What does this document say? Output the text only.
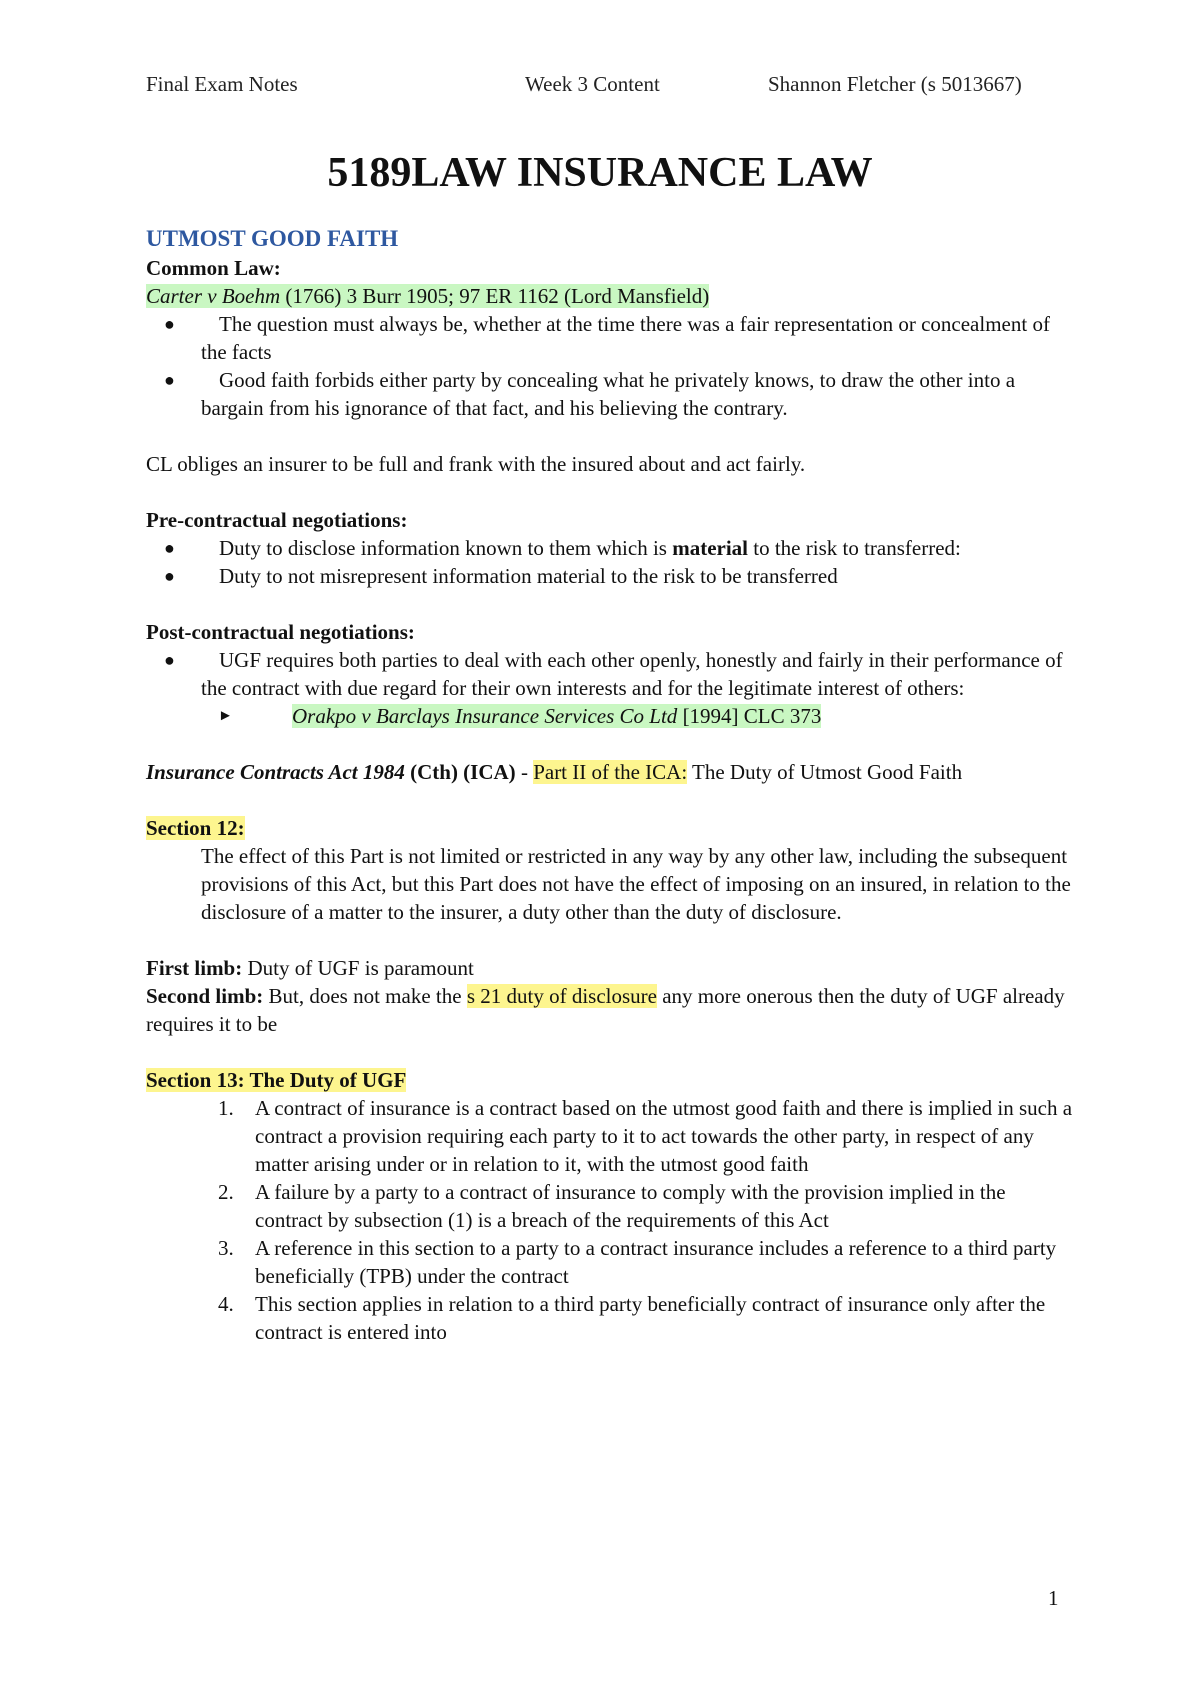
Final Exam Notes	Week 3 Content	Shannon Fletcher (s 5013667)
5189LAW INSURANCE LAW
UTMOST GOOD FAITH

Common Law:

Carter v Boehm (1766) 3 Burr 1905; 97 ER 1162 (Lord Mansfield)

● The question must always be, whether at the time there was a fair representation or concealment of the facts
● Good faith forbids either party by concealing what he privately knows, to draw the other into a bargain from his ignorance of that fact, and his believing the contrary.

CL obliges an insurer to be full and frank with the insured about and act fairly.

Pre-contractual negotiations:

● Duty to disclose information known to them which is material to the risk to transferred:
● Duty to not misrepresent information material to the risk to be transferred

Post-contractual negotiations:

● UGF requires both parties to deal with each other openly, honestly and fairly in their performance of the contract with due regard for their own interests and for the legitimate interest of others:
►	Orakpo v Barclays Insurance Services Co Ltd [1994] CLC 373

Insurance Contracts Act 1984 (Cth) (ICA) - Part II of the ICA: The Duty of Utmost Good Faith

Section 12:

The effect of this Part is not limited or restricted in any way by any other law, including the subsequent provisions of this Act, but this Part does not have the effect of imposing on an insured, in relation to the disclosure of a matter to the insurer, a duty other than the duty of disclosure.

First limb: Duty of UGF is paramount

Second limb: But, does not make the s 21 duty of disclosure any more onerous then the duty of UGF already requires it to be

Section 13: The Duty of UGF

1. A contract of insurance is a contract based on the utmost good faith and there is implied in such a contract a provision requiring each party to it to act towards the other party, in respect of any matter arising under or in relation to it, with the utmost good faith
2. A failure by a party to a contract of insurance to comply with the provision implied in the contract by subsection (1) is a breach of the requirements of this Act
3. A reference in this section to a party to a contract insurance includes a reference to a third party beneficially (TPB) under the contract
4. This section applies in relation to a third party beneficially contract of insurance only after the contract is entered into
1
